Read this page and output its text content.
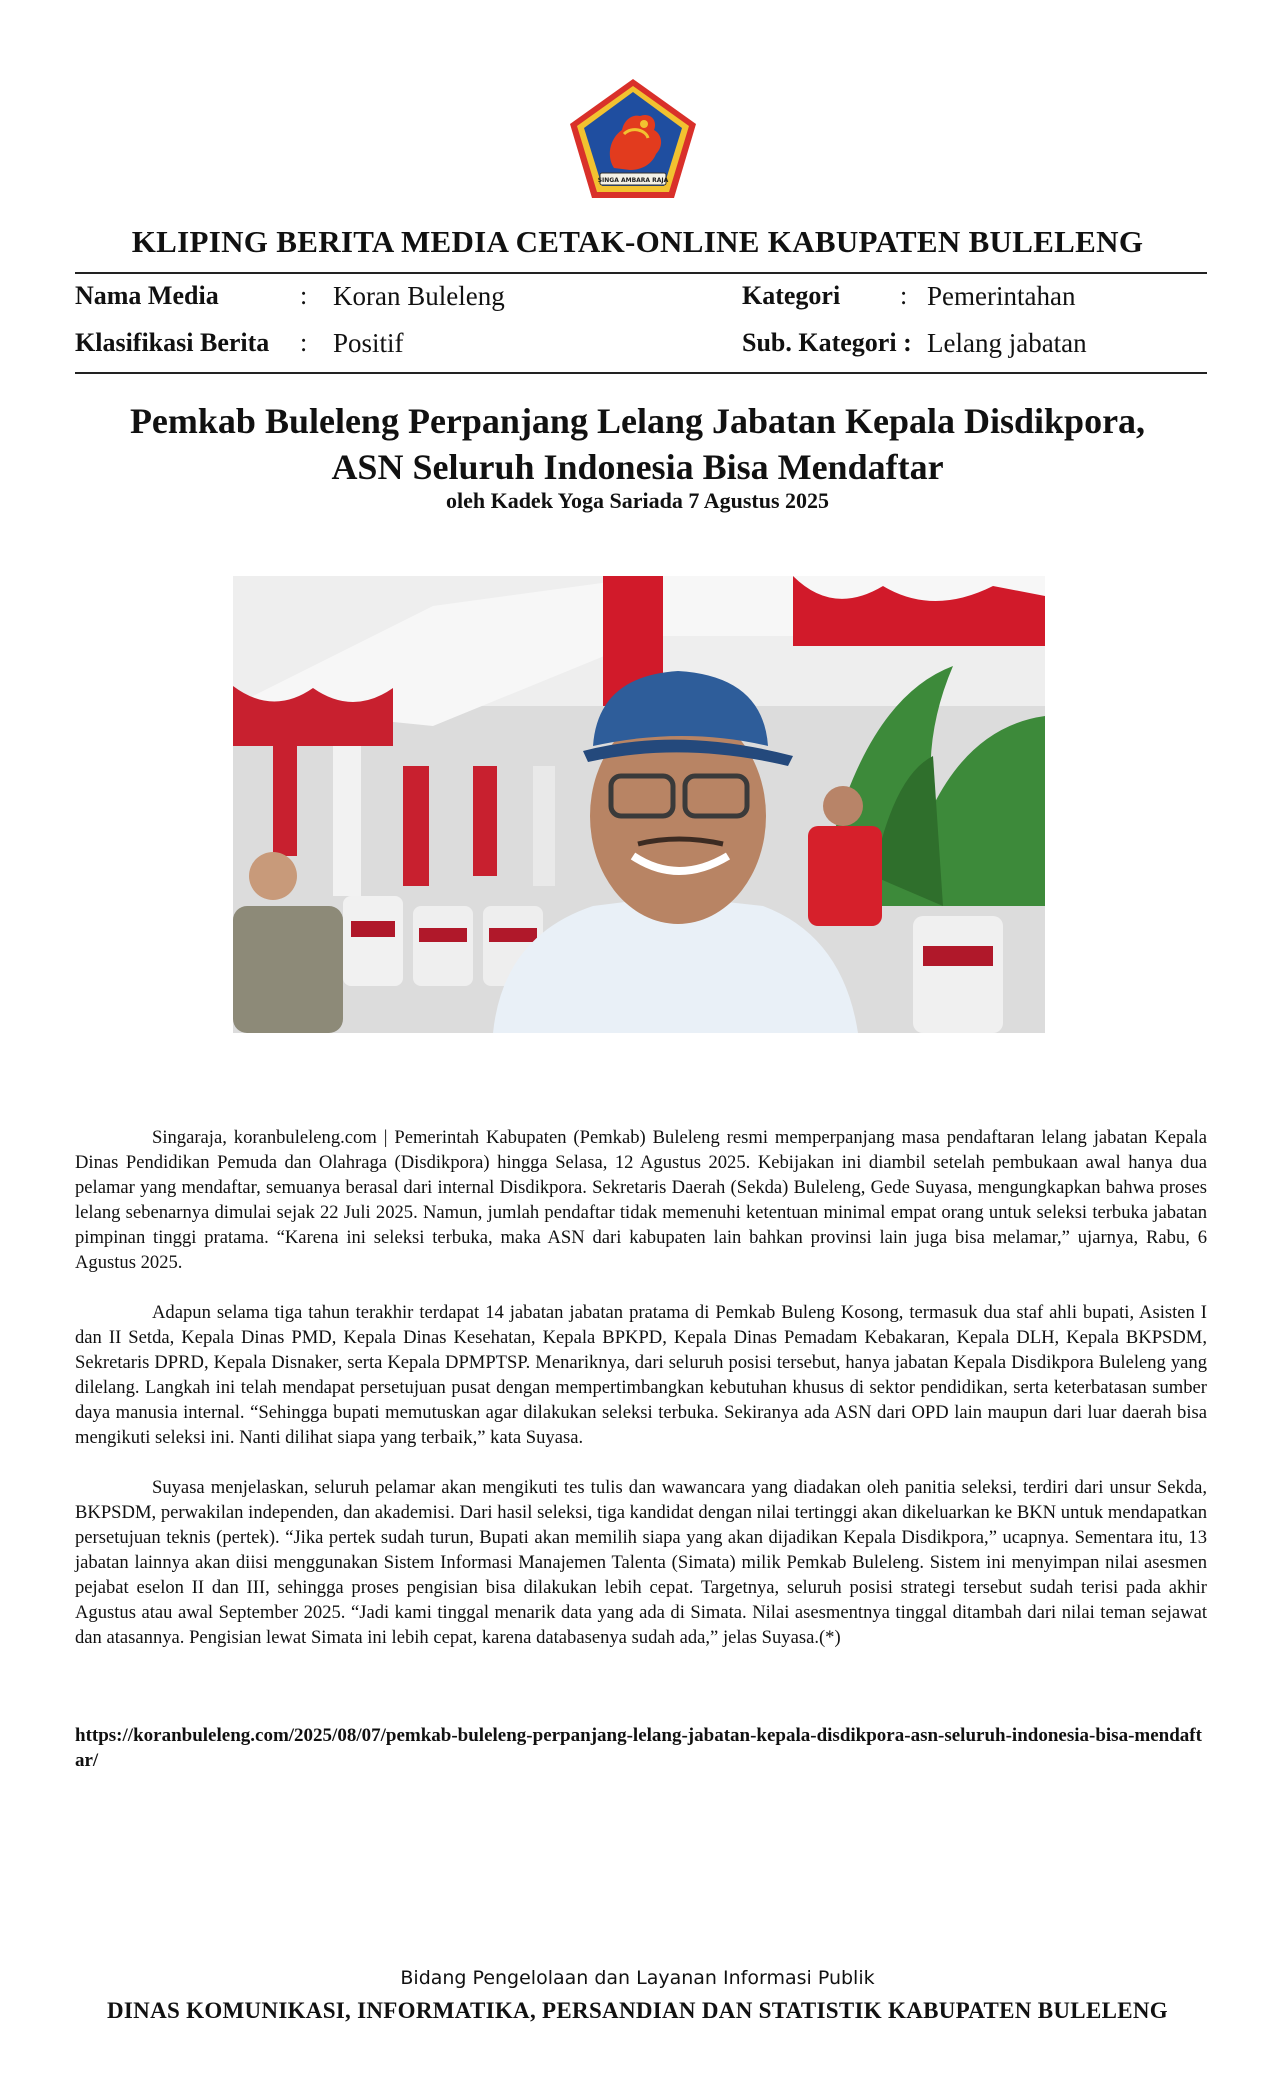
SINGA AMBARA RAJA
KLIPING BERITA MEDIA CETAK-ONLINE KABUPATEN BULELENG
Nama Media	: Koran Buleleng	Kategori : Pemerintahan
Klasifikasi Berita : Positif	Sub. Kategori : Lelang jabatan
Pemkab Buleleng Perpanjang Lelang Jabatan Kepala Disdikpora,
ASN Seluruh Indonesia Bisa Mendaftar
oleh Kadek Yoga Sariada 7 Agustus 2025

Singaraja, koranbuleleng.com | Pemerintah Kabupaten (Pemkab) Buleleng resmi memperpanjang masa pendaftaran lelang jabatan Kepala Dinas Pendidikan Pemuda dan Olahraga (Disdikpora) hingga Selasa, 12 Agustus 2025. Kebijakan ini diambil setelah pembukaan awal hanya dua pelamar yang mendaftar, semuanya berasal dari internal Disdikpora. Sekretaris Daerah (Sekda) Buleleng, Gede Suyasa, mengungkapkan bahwa proses lelang sebenarnya dimulai sejak 22 Juli 2025. Namun, jumlah pendaftar tidak memenuhi ketentuan minimal empat orang untuk seleksi terbuka jabatan pimpinan tinggi pratama. “Karena ini seleksi terbuka, maka ASN dari kabupaten lain bahkan provinsi lain juga bisa melamar,” ujarnya, Rabu, 6 Agustus 2025.

Adapun selama tiga tahun terakhir terdapat 14 jabatan jabatan pratama di Pemkab Buleng Kosong, termasuk dua staf ahli bupati, Asisten I dan II Setda, Kepala Dinas PMD, Kepala Dinas Kesehatan, Kepala BPKPD, Kepala Dinas Pemadam Kebakaran, Kepala DLH, Kepala BKPSDM, Sekretaris DPRD, Kepala Disnaker, serta Kepala DPMPTSP. Menariknya, dari seluruh posisi tersebut, hanya jabatan Kepala Disdikpora Buleleng yang dilelang. Langkah ini telah mendapat persetujuan pusat dengan mempertimbangkan kebutuhan khusus di sektor pendidikan, serta keterbatasan sumber daya manusia internal. “Sehingga bupati memutuskan agar dilakukan seleksi terbuka. Sekiranya ada ASN dari OPD lain maupun dari luar daerah bisa mengikuti seleksi ini. Nanti dilihat siapa yang terbaik,” kata Suyasa.

Suyasa menjelaskan, seluruh pelamar akan mengikuti tes tulis dan wawancara yang diadakan oleh panitia seleksi, terdiri dari unsur Sekda, BKPSDM, perwakilan independen, dan akademisi. Dari hasil seleksi, tiga kandidat dengan nilai tertinggi akan dikeluarkan ke BKN untuk mendapatkan persetujuan teknis (pertek). “Jika pertek sudah turun, Bupati akan memilih siapa yang akan dijadikan Kepala Disdikpora,” ucapnya. Sementara itu, 13 jabatan lainnya akan diisi menggunakan Sistem Informasi Manajemen Talenta (Simata) milik Pemkab Buleleng. Sistem ini menyimpan nilai asesmen pejabat eselon II dan III, sehingga proses pengisian bisa dilakukan lebih cepat. Targetnya, seluruh posisi strategi tersebut sudah terisi pada akhir Agustus atau awal September 2025. “Jadi kami tinggal menarik data yang ada di Simata. Nilai asesmentnya tinggal ditambah dari nilai teman sejawat dan atasannya. Pengisian lewat Simata ini lebih cepat, karena databasenya sudah ada,” jelas Suyasa.(*)

https://koranbuleleng.com/2025/08/07/pemkab-buleleng-perpanjang-lelang-jabatan-kepala-disdikpora-asn-seluruh-indonesia-bisa-mendaftar/
Bidang Pengelolaan dan Layanan Informasi Publik
DINAS KOMUNIKASI, INFORMATIKA, PERSANDIAN DAN STATISTIK KABUPATEN BULELENG
